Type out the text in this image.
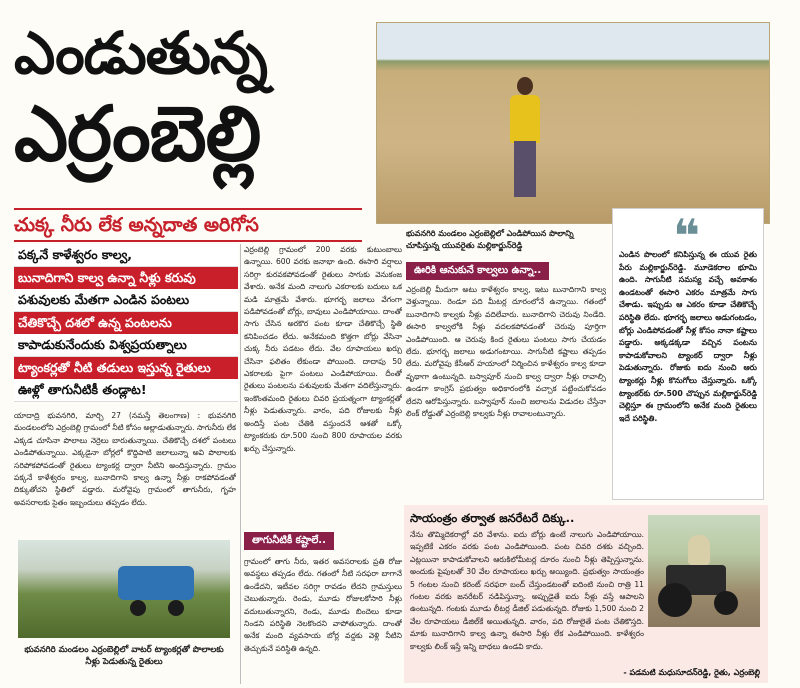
ఎండుతున్న
ఎర్రంబెల్లి
చుక్క నీరు లేక అన్నదాత అరిగోస
పక్కనే కాళేశ్వరం కాల్వ,
బునాదిగాని కాల్వ ఉన్నా నీళ్లు కరువు
పశువులకు మేతగా ఎండిన పంటలు
చేతికొచ్చే దశలో ఉన్న పంటలను
కాపాడుకునేందుకు విశ్వప్రయత్నాలు
ట్యాంకర్లతో నీటి తడులు ఇస్తున్న రైతులు
ఊళ్లో తాగునీటికీ తండ్లాట!

యాదాద్రి భువనగిరి, మార్చి 27 (నమస్తే తెలంగాణ) : భువనగిరి మండలంలోని ఎర్రంబెల్లి గ్రామంలో నీటి కోసం అల్లాడుతున్నారు. సాగునీరు లేక ఎక్కడ చూసినా పొలాలు నెర్రెలు బారుతున్నాయి. చేతికొచ్చే దశలో పంటలు ఎండిపోతున్నాయి. ఎక్కడైనా బోర్లలో కొద్దిపాటి జలాలున్నా అవి పొలాలకు సరిపోకపోవడంతో రైతులు ట్యాంకర్ల ద్వారా నీటిని అందిస్తున్నారు. గ్రామం పక్కనే కాళేశ్వరం కాల్వ, బునాదిగాని కాల్వ ఉన్నా నీళ్లు రాకపోవడంతో దిక్కుతోచని స్థితిలో పడ్డారు. మరోవైపు గ్రామంలో తాగునీరు, గృహ అవసరాలకు సైతం ఇబ్బందులు తప్పడం లేదు.

భువనగిరి మండలం ఎర్రంబెల్లిలో వాటర్ ట్యాంకర్లతో పొలాలకు నీళ్లు పెడుతున్న రైతులు

ఎర్రంబెల్లి గ్రామంలో 200 వరకు కుటుంబాలు ఉన్నాయి. 600 వరకు జనాభా ఉంది. ఈసారి వర్షాలు సరిగ్గా కురవకపోవడంతో రైతులు సాగుకు వెనుకంజ వేశారు. అనేక మంది నాలుగు ఎకరాలకు బదులు ఒక మడి మాత్రమే వేశారు. భూగర్భ జలాలు వేగంగా పడిపోవడంతో బోర్లు, బావులు ఎండిపోయాయి. దాంతో సాగు చేసిన అరకొర పంట కూడా చేతికొచ్చే స్థితి కనిపించడం లేదు. అనేకమంది కొత్తగా బోర్లు వేసినా చుక్క నీరు పడటం లేదు. వేల రూపాయలు ఖర్చు చేసినా ఫలితం లేకుండా పోయింది. దాదాపు 50 ఎకరాలకు పైగా పంటలు ఎండిపోయాయి. దీంతో రైతులు పంటలను పశువులకు మేతగా వదిలేస్తున్నారు. ఇంకొంతమంది రైతులు చివరి ప్రయత్నంగా ట్యాంకర్లతో నీళ్లు పెడుతున్నారు. వారం, పది రోజులకు నీళ్లు అందిస్తే పంట చేతికి వస్తుందనే ఆశతో ఒక్కో ట్యాంకరుకు రూ.500 నుంచి 800 రూపాయల వరకు ఖర్చు చేస్తున్నారు.

తాగునీటికీ కష్టాలే..

గ్రామంలో తాగు నీరు, ఇతర అవసరాలకు ప్రతి రోజు అవస్థలు తప్పడం లేదు. గతంలో నీటి సరఫరా బాగానే ఉండేదని, ఇటీవల సరిగ్గా రావడం లేదని గ్రామస్తులు చెబుతున్నారు. రెండు, మూడు రోజులకోసారి నీళ్లు వదులుతున్నారని, రెండు, మూడు బిందెలు కూడా నిండని పరిస్థితి నెలకొందని వాపోతున్నారు. దాంతో అనేక మంది వ్యవసాయ బోర్ల వద్దకు వెళ్లి నీటిని తెచ్చుకునే పరిస్థితి ఉన్నది.

భువనగిరి మండలం ఎర్రంబెల్లిలో ఎండిపోయిన పొలాన్ని చూపిస్తున్న యువరైతు మల్లికార్జున్‌రెడ్డి
ఊరికి ఆనుకునే కాల్వలు ఉన్నా..

ఎర్రంబెల్లి మీదుగా అటు కాళేశ్వరం కాల్వ, ఇటు బునాదిగాని కాల్వ వెళ్తున్నాయి. రెండూ పది మీటర్ల దూరంలోనే ఉన్నాయి. గతంలో బునాదిగాని కాల్వకు నీళ్లు వదిలేవారు. బునాదిగాని చెరువు నిండేది. ఈసారి కాల్వలోకి నీళ్లు వదలకపోవడంతో చెరువు పూర్తిగా ఎండిపోయింది. ఆ చెరువు కింద రైతులు పంటలు సాగు చేయడం లేదు. భూగర్భ జలాలు అడుగంటాయి. సాగునీటి కష్టాలు తప్పడం లేదు. మరోవైపు కేసీఆర్ హయాంలో నిర్మించిన కాళేశ్వరం కాల్వ కూడా వృథాగా ఉంటున్నది. బస్వాపూర్ నుంచి కాల్వ ద్వారా నీళ్లు రావాల్సి ఉండగా కాంగ్రెస్ ప్రభుత్వం అధికారంలోకి వచ్చాక పట్టించుకోవడం లేదని ఆరోపిస్తున్నారు. బస్వాపూర్ నుంచి జలాలను విడుదల చేస్తేనా లింక్ రోడ్డుతో ఎర్రంబెల్లి కాల్వకు నీళ్లు రావాలంటున్నారు.

❝

ఎండిన పొలంలో కనిపిస్తున్న ఈ యువ రైతు పేరు మల్లికార్జున్‌రెడ్డి. మూడెకరాల భూమి ఉంది. సాగునీటి సమస్య వచ్చే అవకాశం ఉండటంతో ఈసారి ఎకరం మాత్రమే సాగు చేశాడు. ఇప్పుడు ఆ ఎకరం కూడా చేతికొచ్చే పరిస్థితి లేదు. భూగర్భ జలాలు అడుగంటడం, బోర్లు ఎండిపోవడంతో నీళ్ల కోసం నానా కష్టాలు పడ్డారు. అక్కడక్కడా వచ్చిన పంటను కాపాడుకోవాలని ట్యాంకర్ ద్వారా నీళ్లు పెడుతున్నారు. రోజుకు ఐదు నుంచి ఆరు ట్యాంకర్లు నీళ్లు కొనుగోలు చేస్తున్నారు. ఒక్కో ట్యాంకర్‌కు రూ.500 చొప్పున మల్లికార్జున్‌రెడ్డి చెల్లిస్తూ ఈ గ్రామంలోని అనేక మంది రైతులు ఇదే పరిస్థితి.

సాయంత్రం తర్వాత జనరేటరే దిక్కు..

నేను తొమ్మిదెకరాల్లో వరి వేశాను. ఐదు బోర్లు ఉంటే నాలుగు ఎండిపోయాయి. ఇప్పటికే ఎకరం వరకు పంట ఎండిపోయింది. పంట చివరి దశకు వచ్చింది. ఎట్లయినా కాపాడుకోవాలని ఆరుకిలోమీటర్ల దూరం నుంచి నీళ్లు తెప్పిస్తున్నాను. అందుకు పైపులతో 30 వేల రూపాయలు ఖర్చు అయ్యింది. ప్రభుత్వం సాయంత్రం 5 గంటల నుంచి కరెంట్ సరఫరా బంద్ చేస్తుండటంతో ఐదింటి నుంచి రాత్రి 11 గంటల వరకు జనరేటర్ నడిపిస్తున్నా. అప్పుడైతే ఐదు నీళ్లు వస్తే ఆపాలని ఉంటున్నది. గంటకు మూడు లీటర్ల డీజిల్ పడుతున్నది. రోజుకు 1,500 నుంచి 2 వేల రూపాయలు డీజిల్‌కే అయితున్నది. వారం, పది రోజులైతే పంట చేతికొస్తది. మాకు బునాదిగాని కాల్వ ఉన్నా ఈసారి నీళ్లు లేక ఎండిపోయింది. కాళేశ్వరం కాల్వకు లింక్ ఇస్తే ఇన్ని బాధలు ఉండవి కాదు.

- పడమటి మధుసూదన్‌రెడ్డి, రైతు, ఎర్రంబెల్లి
